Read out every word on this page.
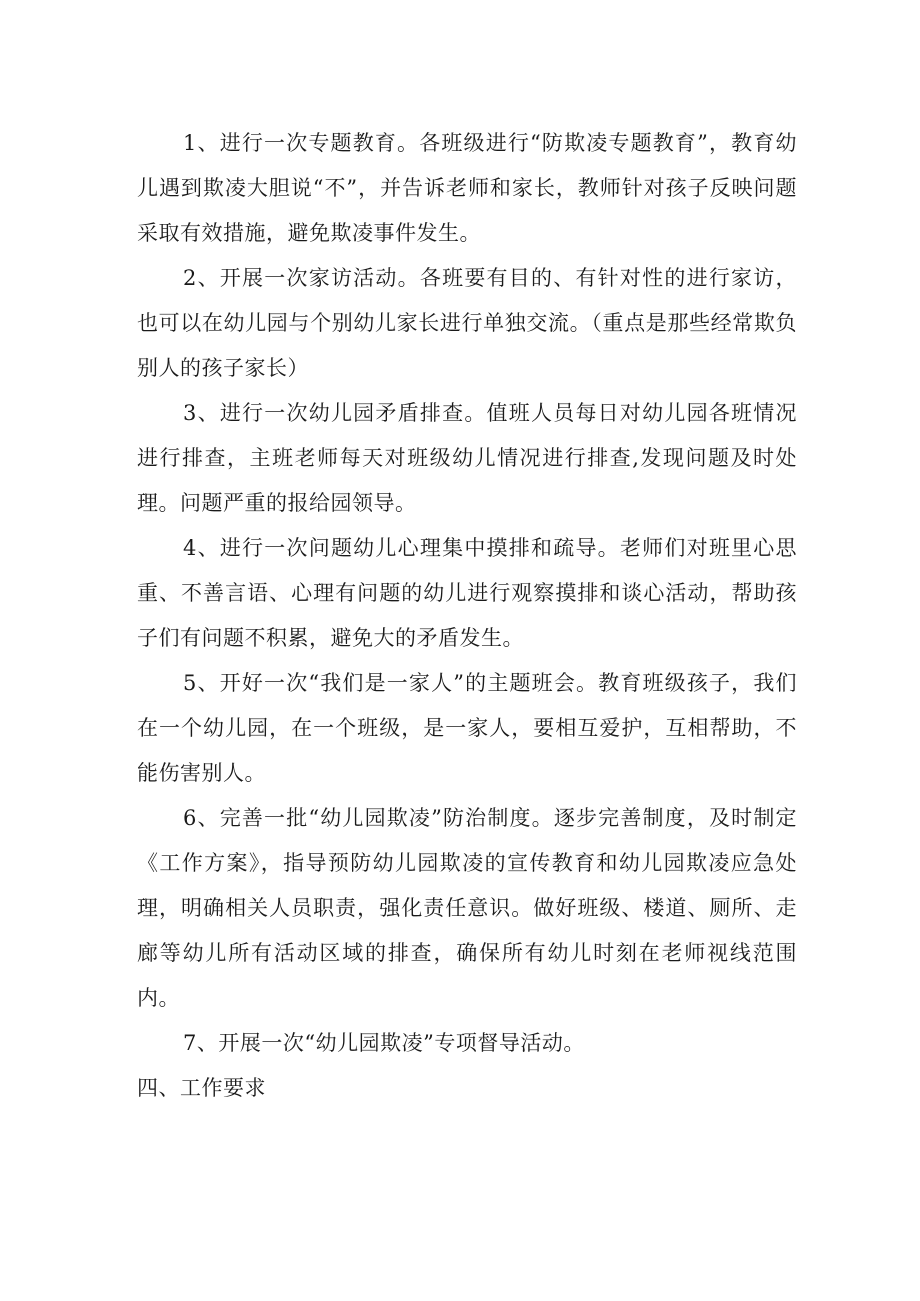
1、进行一次专题教育。各班级进行“防欺凌专题教育”，教育幼儿遇到欺凌大胆说“不”，并告诉老师和家长，教师针对孩子反映问题采取有效措施，避免欺凌事件发生。

2、开展一次家访活动。各班要有目的、有针对性的进行家访，也可以在幼儿园与个别幼儿家长进行单独交流。（重点是那些经常欺负别人的孩子家长）

3、进行一次幼儿园矛盾排查。值班人员每日对幼儿园各班情况进行排查，主班老师每天对班级幼儿情况进行排查,发现问题及时处理。问题严重的报给园领导。

4、进行一次问题幼儿心理集中摸排和疏导。老师们对班里心思重、不善言语、心理有问题的幼儿进行观察摸排和谈心活动，帮助孩子们有问题不积累，避免大的矛盾发生。

5、开好一次“我们是一家人”的主题班会。教育班级孩子，我们在一个幼儿园，在一个班级，是一家人，要相互爱护，互相帮助，不能伤害别人。

6、完善一批“幼儿园欺凌”防治制度。逐步完善制度，及时制定《工作方案》，指导预防幼儿园欺凌的宣传教育和幼儿园欺凌应急处理，明确相关人员职责，强化责任意识。做好班级、楼道、厕所、走廊等幼儿所有活动区域的排查，确保所有幼儿时刻在老师视线范围内。

7、开展一次“幼儿园欺凌”专项督导活动。

四、工作要求
